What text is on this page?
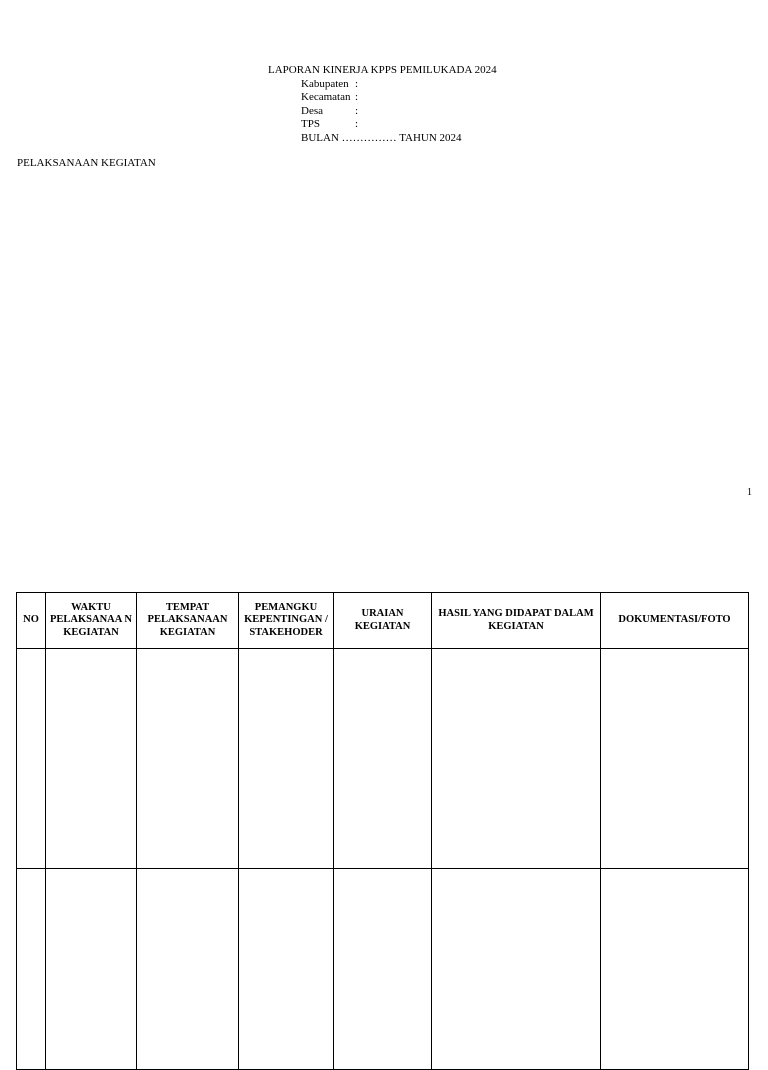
LAPORAN KINERJA KPPS PEMILUKADA 2024
Kabupaten :
Kecamatan :
Desa	:
TPS	:
BULAN …………… TAHUN 2024
PELAKSANAAN KEGIATAN
1
NO	WAKTU PELAKSANAA N KEGIATAN	TEMPAT PELAKSANAAN KEGIATAN	PEMANGKU KEPENTINGAN / STAKEHODER	URAIAN KEGIATAN	HASIL YANG DIDAPAT DALAM KEGIATAN	DOKUMENTASI/FOTO
